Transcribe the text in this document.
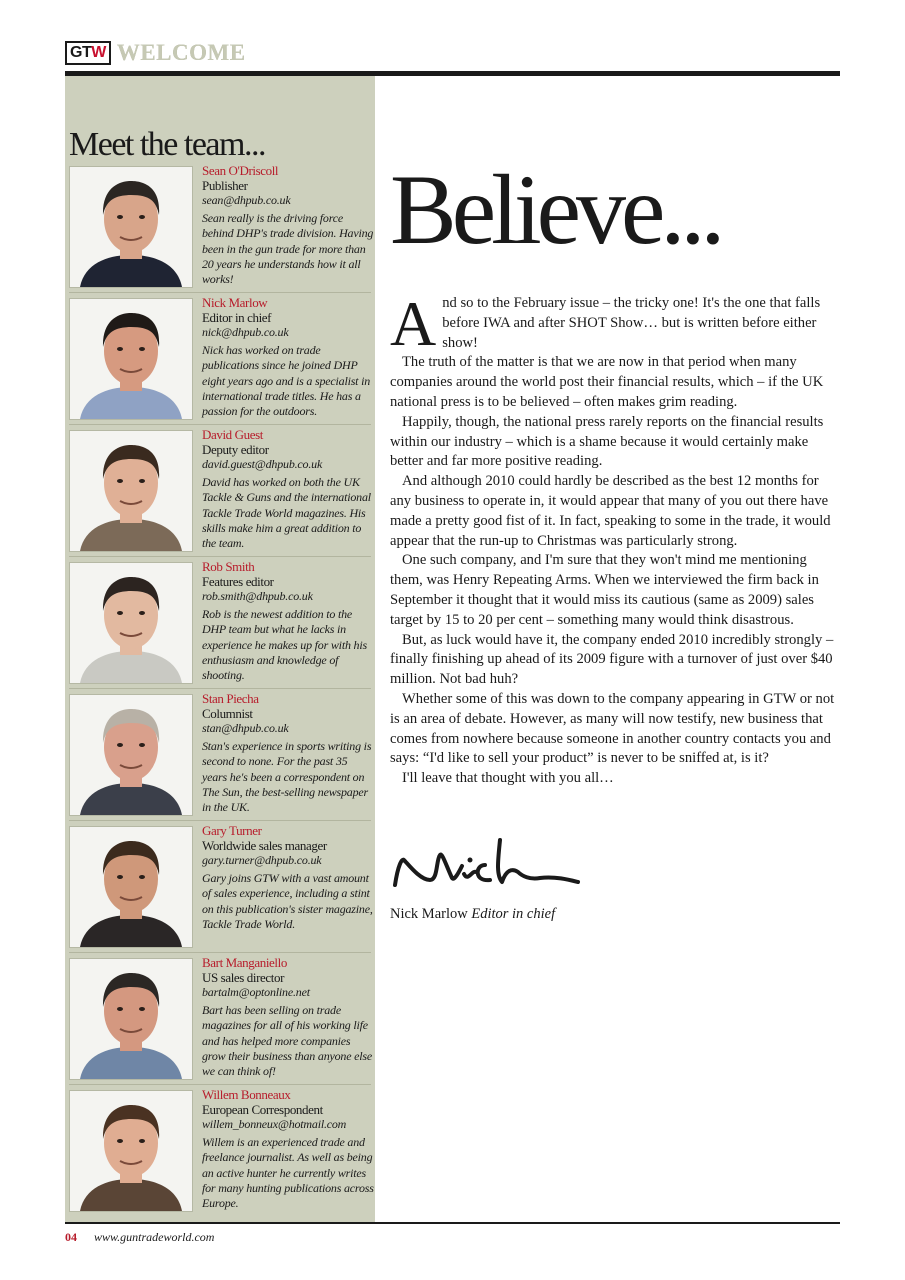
GTW WELCOME
Meet the team...
Sean O'Driscoll
Publisher
sean@dhpub.co.uk
Sean really is the driving force behind DHP's trade division. Having been in the gun trade for more than 20 years he understands how it all works!
Nick Marlow
Editor in chief
nick@dhpub.co.uk
Nick has worked on trade publications since he joined DHP eight years ago and is a specialist in international trade titles. He has a passion for the outdoors.
David Guest
Deputy editor
david.guest@dhpub.co.uk
David has worked on both the UK Tackle & Guns and the international Tackle Trade World magazines. His skills make him a great addition to the team.
Rob Smith
Features editor
rob.smith@dhpub.co.uk
Rob is the newest addition to the DHP team but what he lacks in experience he makes up for with his enthusiasm and knowledge of shooting.
Stan Piecha
Columnist
stan@dhpub.co.uk
Stan's experience in sports writing is second to none. For the past 35 years he's been a correspondent on The Sun, the best-selling newspaper in the UK.
Gary Turner
Worldwide sales manager
gary.turner@dhpub.co.uk
Gary joins GTW with a vast amount of sales experience, including a stint on this publication's sister magazine, Tackle Trade World.
Bart Manganiello
US sales director
bartalm@optonline.net
Bart has been selling on trade magazines for all of his working life and has helped more companies grow their business than anyone else we can think of!
Willem Bonneaux
European Correspondent
willem_bonneux@hotmail.com
Willem is an experienced trade and freelance journalist. As well as being an active hunter he currently writes for many hunting publications across Europe.
Believe...

And so to the February issue – the tricky one! It's the one that falls before IWA and after SHOT Show… but is written before either show!

The truth of the matter is that we are now in that period when many companies around the world post their financial results, which – if the UK national press is to be believed – often makes grim reading.

Happily, though, the national press rarely reports on the financial results within our industry – which is a shame because it would certainly make better and far more positive reading.

And although 2010 could hardly be described as the best 12 months for any business to operate in, it would appear that many of you out there have made a pretty good fist of it. In fact, speaking to some in the trade, it would appear that the run-up to Christmas was particularly strong.

One such company, and I'm sure that they won't mind me mentioning them, was Henry Repeating Arms. When we interviewed the firm back in September it thought that it would miss its cautious (same as 2009) sales target by 15 to 20 per cent – something many would think disastrous.

But, as luck would have it, the company ended 2010 incredibly strongly – finally finishing up ahead of its 2009 figure with a turnover of just over $40 million. Not bad huh?

Whether some of this was down to the company appearing in GTW or not is an area of debate. However, as many will now testify, new business that comes from nowhere because someone in another country contacts you and says: “I'd like to sell your product” is never to be sniffed at, is it?

I'll leave that thought with you all…

Nick Marlow Editor in chief
04 www.guntradeworld.com
